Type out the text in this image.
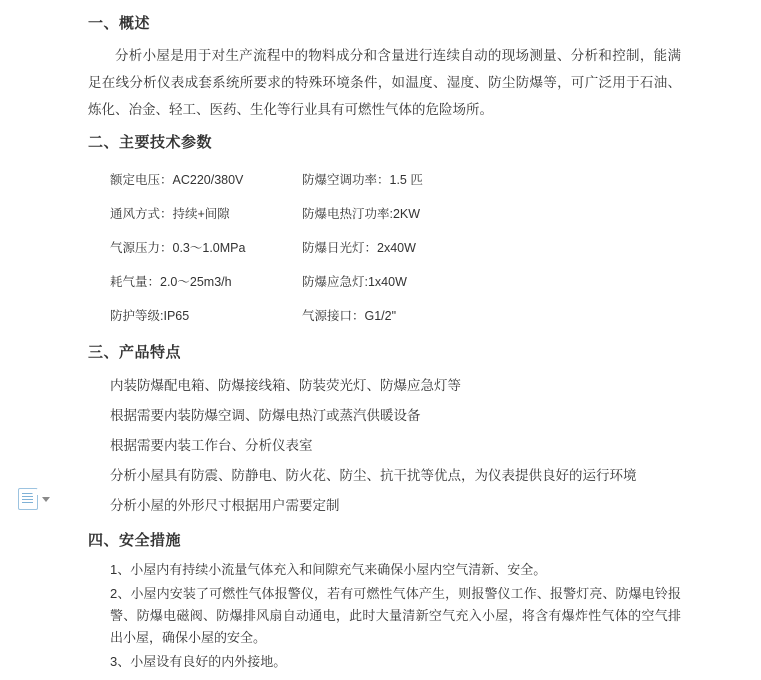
一、概述

分析小屋是用于对生产流程中的物料成分和含量进行连续自动的现场测量、分析和控制，能满足在线分析仪表成套系统所要求的特殊环境条件，如温度、湿度、防尘防爆等，可广泛用于石油、炼化、冶金、轻工、医药、生化等行业具有可燃性气体的危险场所。

二、主要技术参数
额定电压：AC220/380V	防爆空调功率：1.5 匹
通风方式：持续+间隙	防爆电热汀功率:2KW
气源压力：0.3～1.0MPa	防爆日光灯：2x40W
耗气量：2.0～25m3/h	防爆应急灯:1x40W
防护等级:IP65	气源接口：G1/2"
三、产品特点
内装防爆配电箱、防爆接线箱、防装荧光灯、防爆应急灯等
根据需要内装防爆空调、防爆电热汀或蒸汽供暖设备
根据需要内装工作台、分析仪表室
分析小屋具有防震、防静电、防火花、防尘、抗干扰等优点，为仪表提供良好的运行环境
分析小屋的外形尺寸根据用户需要定制
四、安全措施
1、小屋内有持续小流量气体充入和间隙充气来确保小屋内空气清新、安全。
2、小屋内安装了可燃性气体报警仪，若有可燃性气体产生，则报警仪工作、报警灯亮、防爆电铃报警、防爆电磁阀、防爆排风扇自动通电，此时大量清新空气充入小屋，将含有爆炸性气体的空气排出小屋，确保小屋的安全。
3、小屋设有良好的内外接地。
